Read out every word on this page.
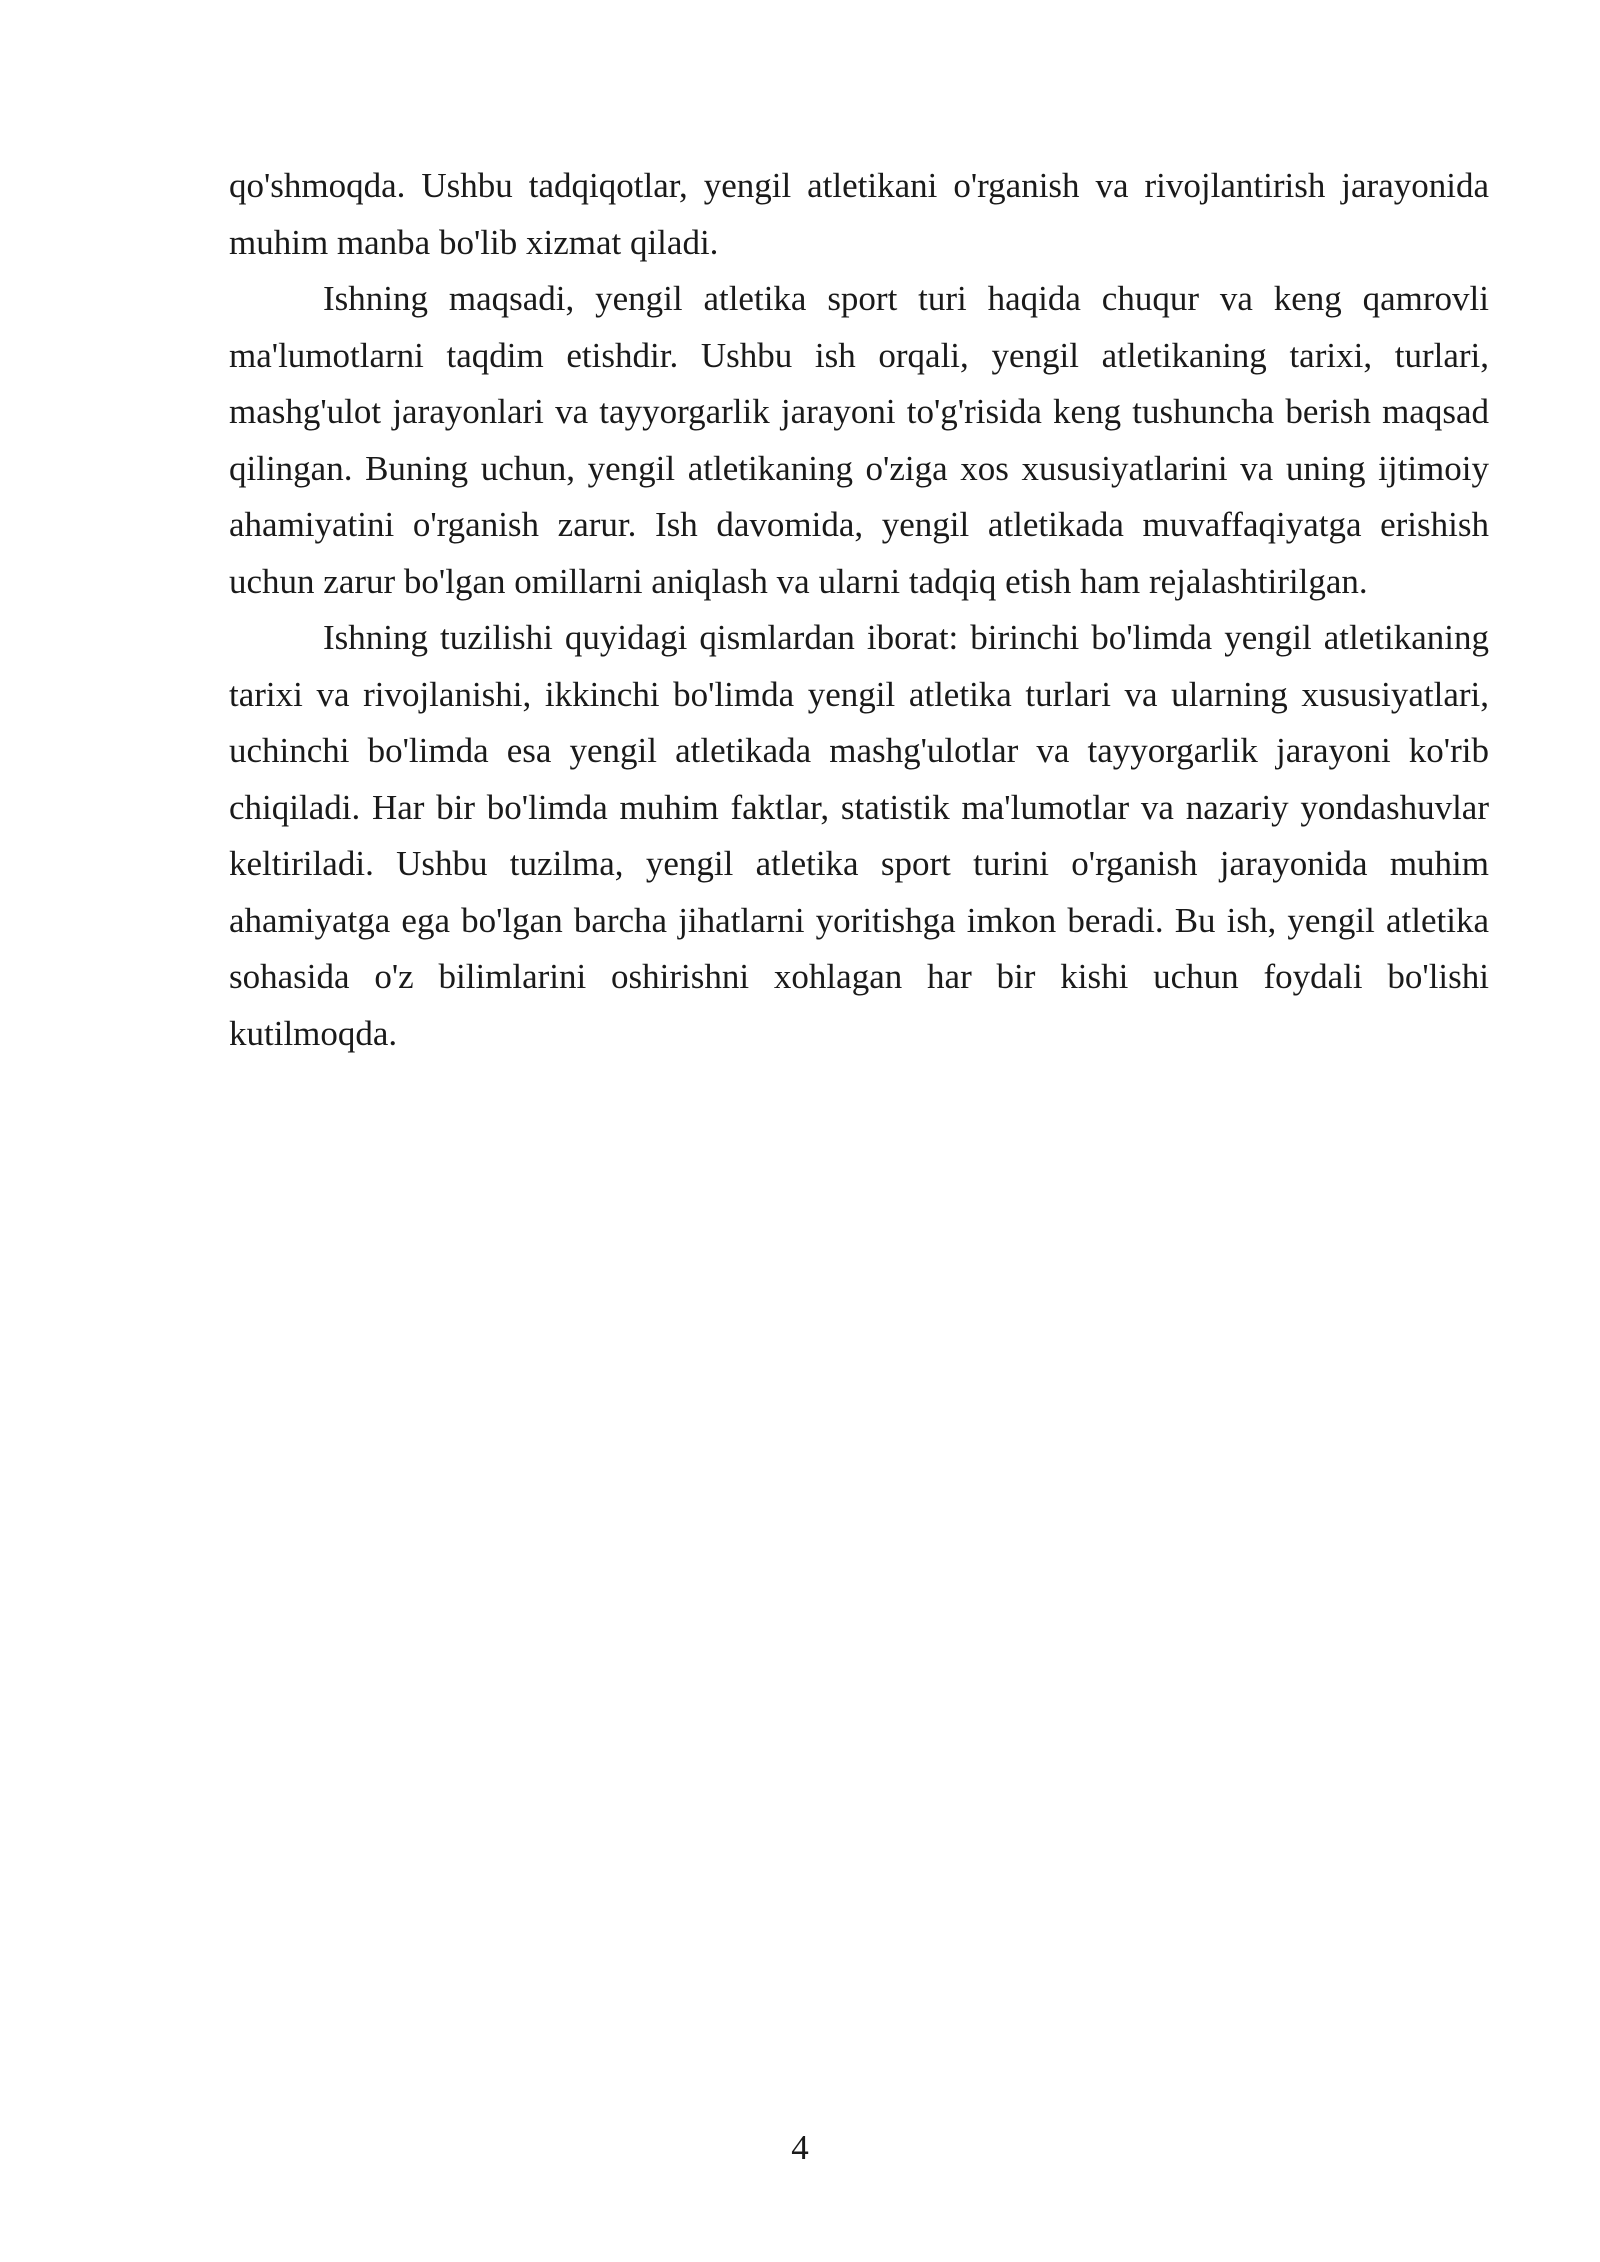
qo'shmoqda. Ushbu tadqiqotlar, yengil atletikani o'rganish va rivojlantirish jarayonida muhim manba bo'lib xizmat qiladi.

Ishning maqsadi, yengil atletika sport turi haqida chuqur va keng qamrovli ma'lumotlarni taqdim etishdir. Ushbu ish orqali, yengil atletikaning tarixi, turlari, mashg'ulot jarayonlari va tayyorgarlik jarayoni to'g'risida keng tushuncha berish maqsad qilingan. Buning uchun, yengil atletikaning o'ziga xos xususiyatlarini va uning ijtimoiy ahamiyatini o'rganish zarur. Ish davomida, yengil atletikada muvaffaqiyatga erishish uchun zarur bo'lgan omillarni aniqlash va ularni tadqiq etish ham rejalashtirilgan.

Ishning tuzilishi quyidagi qismlardan iborat: birinchi bo'limda yengil atletikaning tarixi va rivojlanishi, ikkinchi bo'limda yengil atletika turlari va ularning xususiyatlari, uchinchi bo'limda esa yengil atletikada mashg'ulotlar va tayyorgarlik jarayoni ko'rib chiqiladi. Har bir bo'limda muhim faktlar, statistik ma'lumotlar va nazariy yondashuvlar keltiriladi. Ushbu tuzilma, yengil atletika sport turini o'rganish jarayonida muhim ahamiyatga ega bo'lgan barcha jihatlarni yoritishga imkon beradi. Bu ish, yengil atletika sohasida o'z bilimlarini oshirishni xohlagan har bir kishi uchun foydali bo'lishi kutilmoqda.

4
